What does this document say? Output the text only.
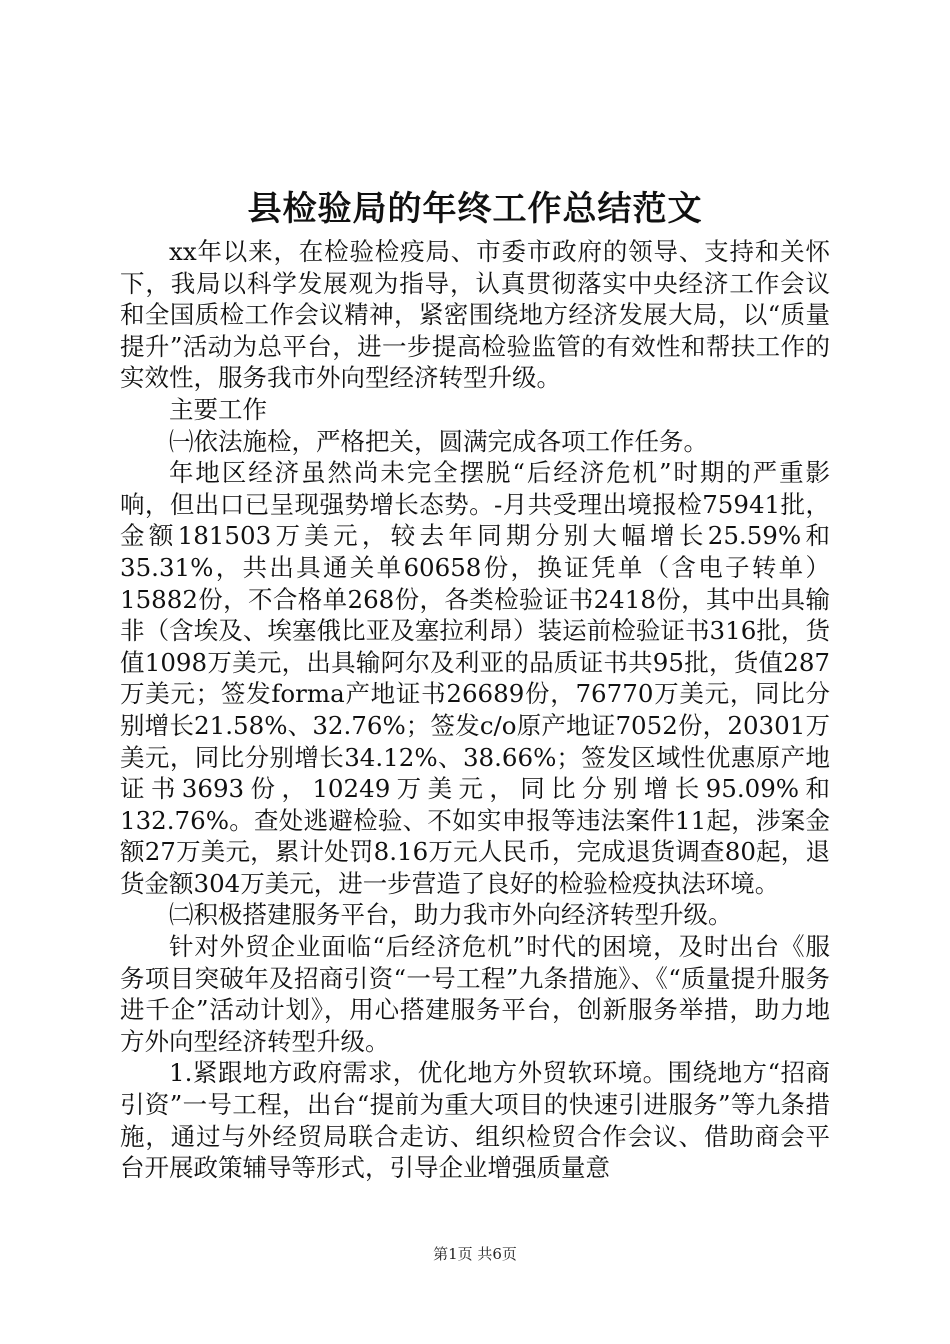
县检验局的年终工作总结范文

xx年以来，在检验检疫局、市委市政府的领导、支持和关怀下，我局以科学发展观为指导，认真贯彻落实中央经济工作会议和全国质检工作会议精神，紧密围绕地方经济发展大局，以“质量提升”活动为总平台，进一步提高检验监管的有效性和帮扶工作的实效性，服务我市外向型经济转型升级。

主要工作

㈠依法施检，严格把关，圆满完成各项工作任务。

年地区经济虽然尚未完全摆脱“后经济危机”时期的严重影响，但出口已呈现强势增长态势。-月共受理出境报检75941批，金额181503万美元，较去年同期分别大幅增长25.59%和35.31%，共出具通关单60658份，换证凭单（含电子转单）15882份，不合格单268份，各类检验证书2418份，其中出具输非（含埃及、埃塞俄比亚及塞拉利昂）装运前检验证书316批，货值1098万美元，出具输阿尔及利亚的品质证书共95批，货值287万美元；签发forma产地证书26689份，76770万美元，同比分别增长21.58%、32.76%；签发c/o原产地证7052份，20301万美元，同比分别增长34.12%、38.66%；签发区域性优惠原产地证书3693份，10249万美元，同比分别增长95.09%和132.76%。查处逃避检验、不如实申报等违法案件11起，涉案金额27万美元，累计处罚8.16万元人民币，完成退货调查80起，退货金额304万美元，进一步营造了良好的检验检疫执法环境。

㈡积极搭建服务平台，助力我市外向经济转型升级。

针对外贸企业面临“后经济危机”时代的困境，及时出台《服务项目突破年及招商引资“一号工程”九条措施》、《“质量提升服务进千企”活动计划》，用心搭建服务平台，创新服务举措，助力地方外向型经济转型升级。

1.紧跟地方政府需求，优化地方外贸软环境。围绕地方“招商引资”一号工程，出台“提前为重大项目的快速引进服务”等九条措施，通过与外经贸局联合走访、组织检贸合作会议、借助商会平台开展政策辅导等形式，引导企业增强质量意

第1页 共6页
